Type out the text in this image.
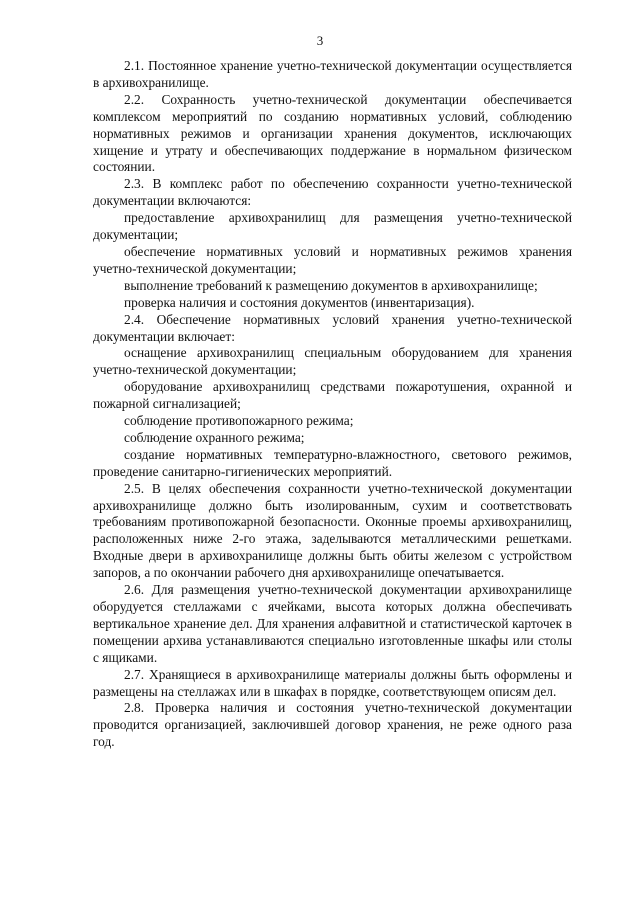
3

2.1. Постоянное хранение учетно-технической документации осуществляется в архивохранилище.

2.2. Сохранность учетно-технической документации обеспечивается комплексом мероприятий по созданию нормативных условий, соблюдению нормативных режимов и организации хранения документов, исключающих хищение и утрату и обеспечивающих поддержание в нормальном физическом состоянии.

2.3. В комплекс работ по обеспечению сохранности учетно-технической документации включаются:

предоставление архивохранилищ для размещения учетно-технической документации;

обеспечение нормативных условий и нормативных режимов хранения учетно-технической документации;

выполнение требований к размещению документов в архивохранилище;

проверка наличия и состояния документов (инвентаризация).

2.4. Обеспечение нормативных условий хранения учетно-технической документации включает:

оснащение архивохранилищ специальным оборудованием для хранения учетно-технической документации;

оборудование архивохранилищ средствами пожаротушения, охранной и пожарной сигнализацией;

соблюдение противопожарного режима;

соблюдение охранного режима;

создание нормативных температурно-влажностного, светового режимов, проведение санитарно-гигиенических мероприятий.

2.5. В целях обеспечения сохранности учетно-технической документации архивохранилище должно быть изолированным, сухим и соответствовать требованиям противопожарной безопасности. Оконные проемы архивохранилищ, расположенных ниже 2-го этажа, заделываются металлическими решетками. Входные двери в архивохранилище должны быть обиты железом с устройством запоров, а по окончании рабочего дня архивохранилище опечатывается.

2.6. Для размещения учетно-технической документации архивохранилище оборудуется стеллажами с ячейками, высота которых должна обеспечивать вертикальное хранение дел. Для хранения алфавитной и статистической карточек в помещении архива устанавливаются специально изготовленные шкафы или столы с ящиками.

2.7. Хранящиеся в архивохранилище материалы должны быть оформлены и размещены на стеллажах или в шкафах в порядке, соответствующем описям дел.

2.8. Проверка наличия и состояния учетно-технической документации проводится организацией, заключившей договор хранения, не реже одного раза год.
